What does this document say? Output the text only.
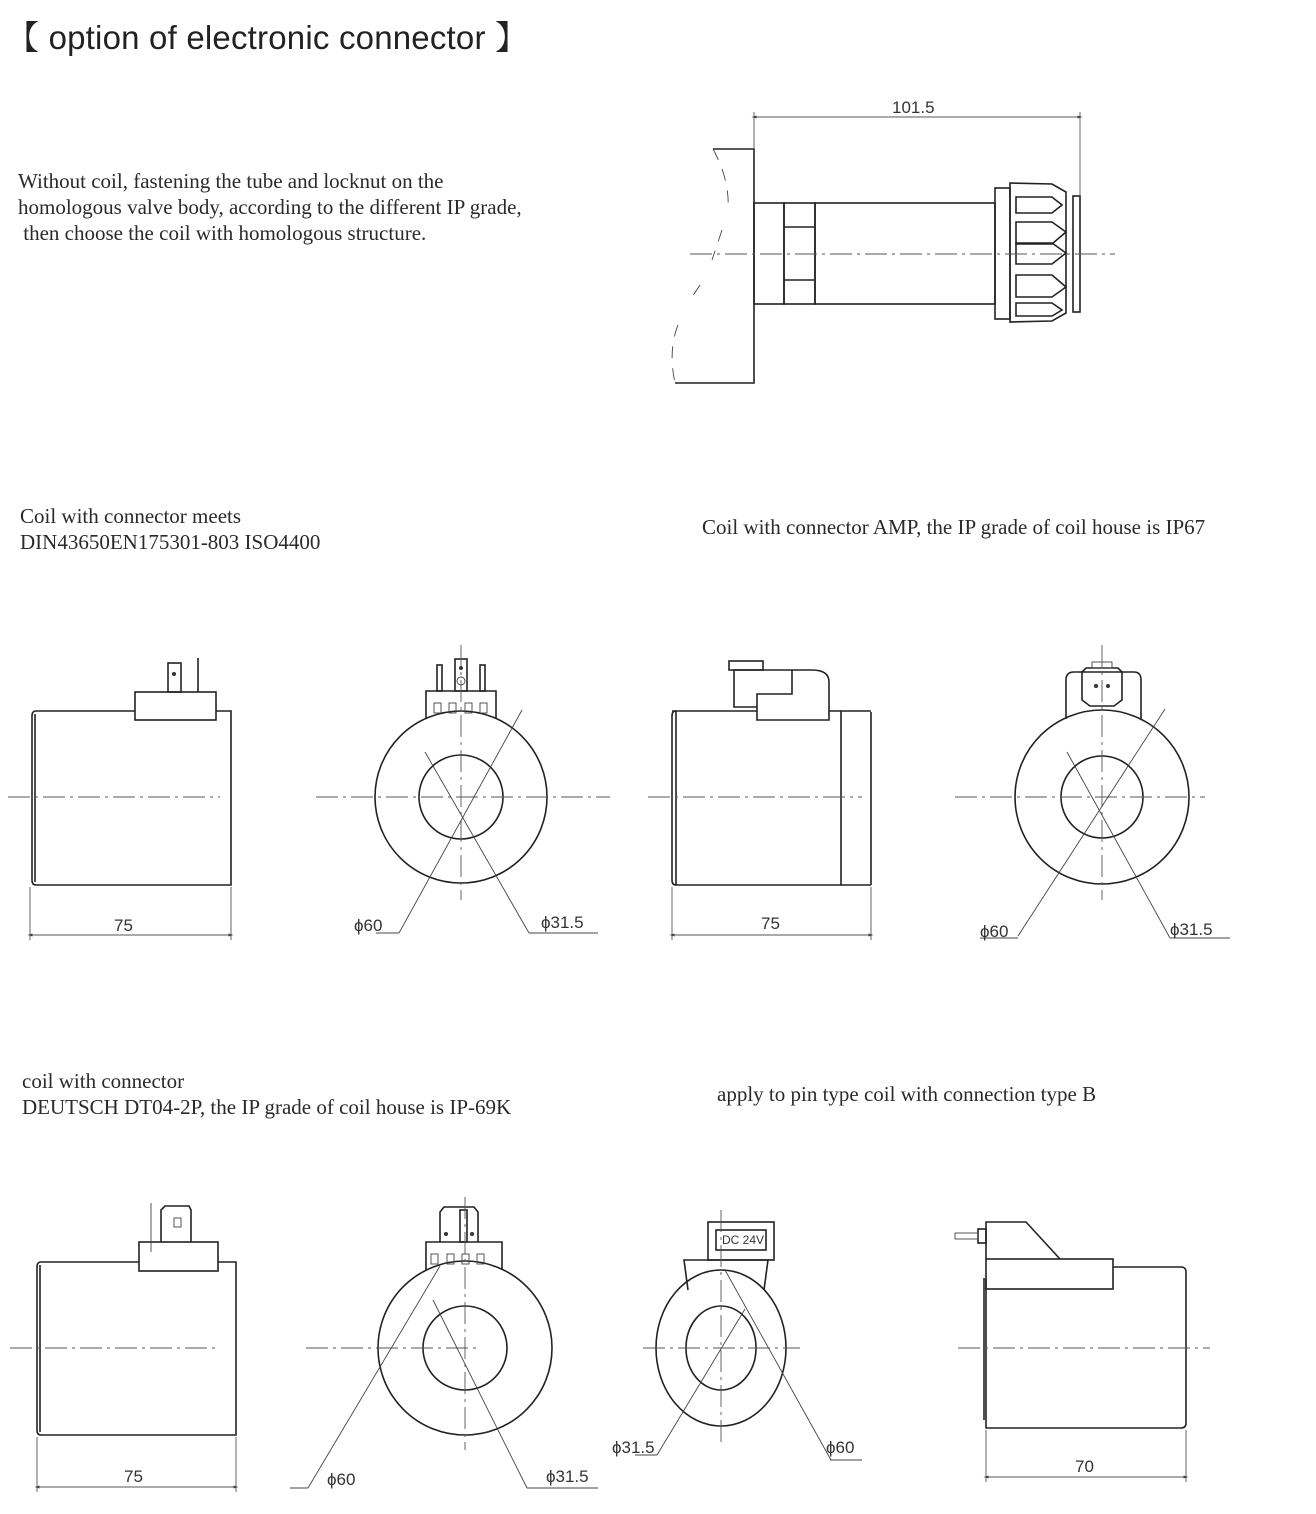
【 option of electronic connector 】
Without coil, fastening the tube and locknut on the
homologous valve body, according to the different IP grade,
then choose the coil with homologous structure.
Coil with connector meets
DIN43650EN175301-803 ISO4400
Coil with connector AMP, the IP grade of coil house is IP67
coil with connector
DEUTSCH DT04-2P, the IP grade of coil house is IP-69K
apply to pin type coil with connection type B
101.5
75	ϕ60	ϕ31.5	75	ϕ60	ϕ31.5
75	ϕ60	ϕ31.5
DC 24V
ϕ31.5	ϕ60
70
